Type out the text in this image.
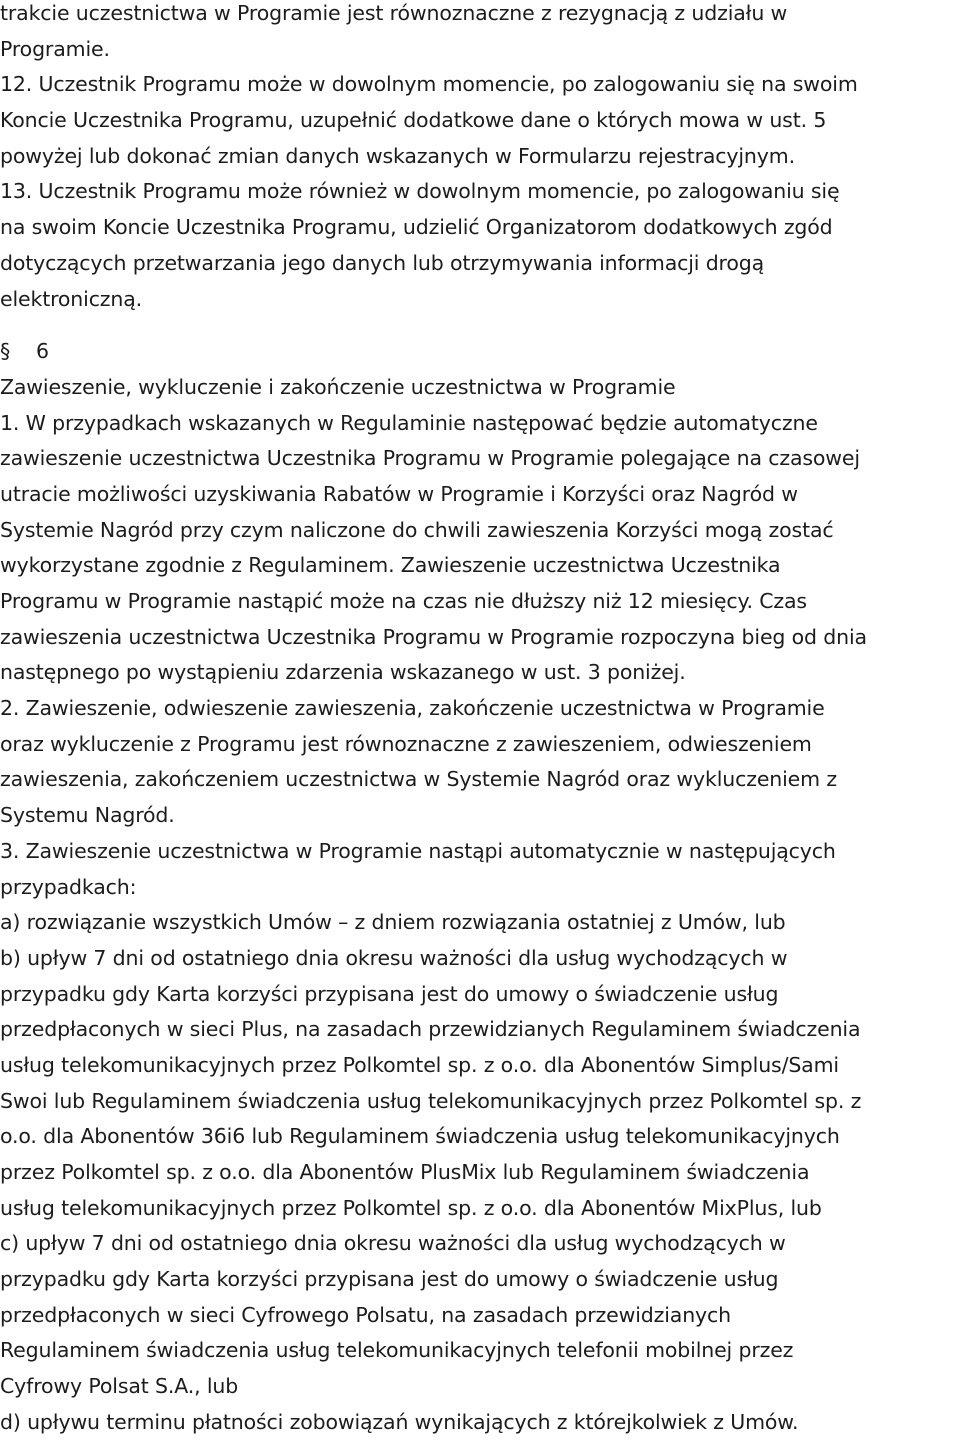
trakcie uczestnictwa w Programie jest równoznaczne z rezygnacją z udziału w
Programie.
12. Uczestnik Programu może w dowolnym momencie, po zalogowaniu się na swoim
Koncie Uczestnika Programu, uzupełnić dodatkowe dane o których mowa w ust. 5
powyżej lub dokonać zmian danych wskazanych w Formularzu rejestracyjnym.
13. Uczestnik Programu może również w dowolnym momencie, po zalogowaniu się
na swoim Koncie Uczestnika Programu, udzielić Organizatorom dodatkowych zgód
dotyczących przetwarzania jego danych lub otrzymywania informacji drogą
elektroniczną.
§ 6
Zawieszenie, wykluczenie i zakończenie uczestnictwa w Programie
1. W przypadkach wskazanych w Regulaminie następować będzie automatyczne
zawieszenie uczestnictwa Uczestnika Programu w Programie polegające na czasowej
utracie możliwości uzyskiwania Rabatów w Programie i Korzyści oraz Nagród w
Systemie Nagród przy czym naliczone do chwili zawieszenia Korzyści mogą zostać
wykorzystane zgodnie z Regulaminem. Zawieszenie uczestnictwa Uczestnika
Programu w Programie nastąpić może na czas nie dłuższy niż 12 miesięcy. Czas
zawieszenia uczestnictwa Uczestnika Programu w Programie rozpoczyna bieg od dnia
następnego po wystąpieniu zdarzenia wskazanego w ust. 3 poniżej.
2. Zawieszenie, odwieszenie zawieszenia, zakończenie uczestnictwa w Programie
oraz wykluczenie z Programu jest równoznaczne z zawieszeniem, odwieszeniem
zawieszenia, zakończeniem uczestnictwa w Systemie Nagród oraz wykluczeniem z
Systemu Nagród.
3. Zawieszenie uczestnictwa w Programie nastąpi automatycznie w następujących
przypadkach:
a) rozwiązanie wszystkich Umów – z dniem rozwiązania ostatniej z Umów, lub
b) upływ 7 dni od ostatniego dnia okresu ważności dla usług wychodzących w
przypadku gdy Karta korzyści przypisana jest do umowy o świadczenie usług
przedpłaconych w sieci Plus, na zasadach przewidzianych Regulaminem świadczenia
usług telekomunikacyjnych przez Polkomtel sp. z o.o. dla Abonentów Simplus/Sami
Swoi lub Regulaminem świadczenia usług telekomunikacyjnych przez Polkomtel sp. z
o.o. dla Abonentów 36i6 lub Regulaminem świadczenia usług telekomunikacyjnych
przez Polkomtel sp. z o.o. dla Abonentów PlusMix lub Regulaminem świadczenia
usług telekomunikacyjnych przez Polkomtel sp. z o.o. dla Abonentów MixPlus, lub
c) upływ 7 dni od ostatniego dnia okresu ważności dla usług wychodzących w
przypadku gdy Karta korzyści przypisana jest do umowy o świadczenie usług
przedpłaconych w sieci Cyfrowego Polsatu, na zasadach przewidzianych
Regulaminem świadczenia usług telekomunikacyjnych telefonii mobilnej przez
Cyfrowy Polsat S.A., lub
d) upływu terminu płatności zobowiązań wynikających z którejkolwiek z Umów.
